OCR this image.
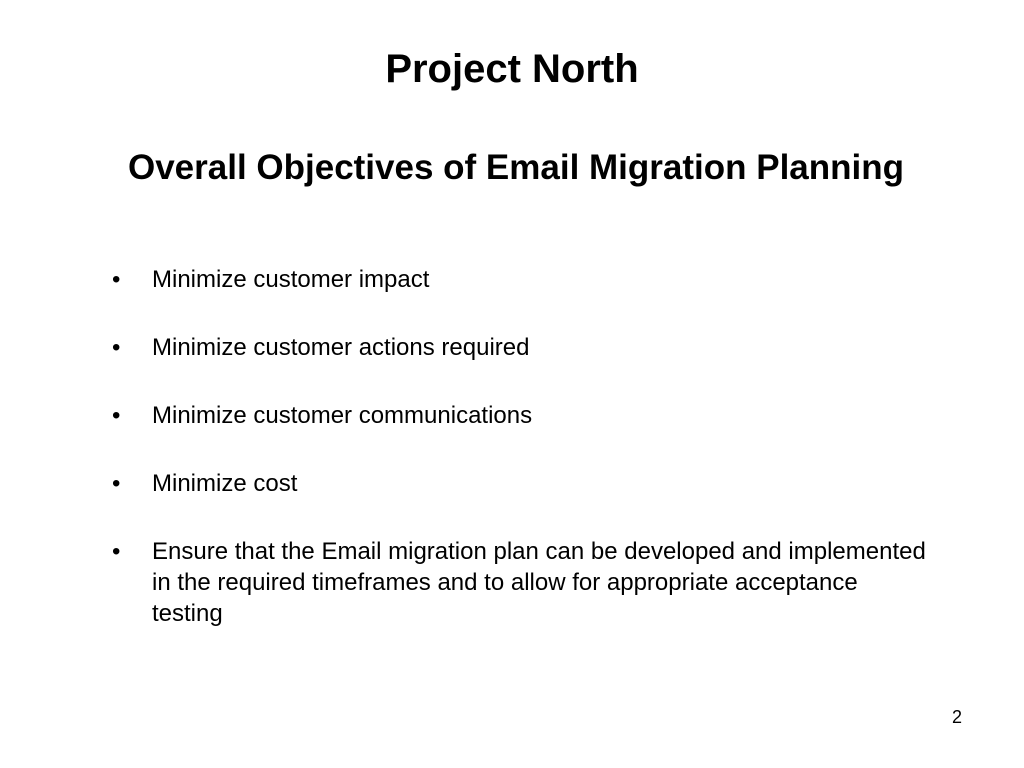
Project North
Overall Objectives of Email Migration Planning
• Minimize customer impact
• Minimize customer actions required
• Minimize customer communications
• Minimize cost
• Ensure that the Email migration plan can be developed and implemented in the required timeframes and to allow for appropriate acceptance testing
2
